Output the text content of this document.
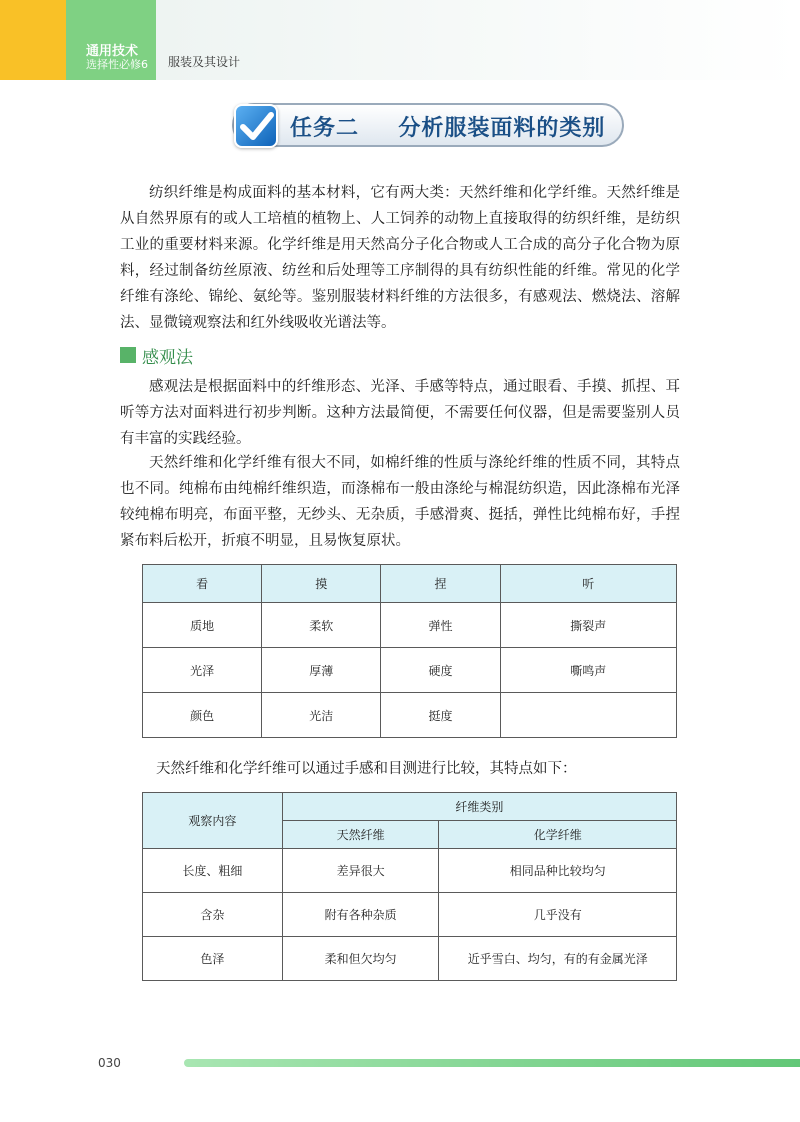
通用技术
选择性必修6 服装及其设计
任务二 分析服装面料的类别

纺织纤维是构成面料的基本材料，它有两大类：天然纤维和化学纤维。天然纤维是从自然界原有的或人工培植的植物上、人工饲养的动物上直接取得的纺织纤维，是纺织工业的重要材料来源。化学纤维是用天然高分子化合物或人工合成的高分子化合物为原料，经过制备纺丝原液、纺丝和后处理等工序制得的具有纺织性能的纤维。常见的化学纤维有涤纶、锦纶、氨纶等。鉴别服装材料纤维的方法很多，有感观法、燃烧法、溶解法、显微镜观察法和红外线吸收光谱法等。

感观法

感观法是根据面料中的纤维形态、光泽、手感等特点，通过眼看、手摸、抓捏、耳听等方法对面料进行初步判断。这种方法最简便，不需要任何仪器，但是需要鉴别人员有丰富的实践经验。

天然纤维和化学纤维有很大不同，如棉纤维的性质与涤纶纤维的性质不同，其特点也不同。纯棉布由纯棉纤维织造，而涤棉布一般由涤纶与棉混纺织造，因此涤棉布光泽较纯棉布明亮，布面平整，无纱头、无杂质，手感滑爽、挺括，弹性比纯棉布好，手捏紧布料后松开，折痕不明显，且易恢复原状。

看	摸	捏	听
质地	柔软	弹性	撕裂声
光泽	厚薄	硬度	嘶鸣声
颜色	光洁	挺度	

天然纤维和化学纤维可以通过手感和目测进行比较，其特点如下：

观察内容	纤维类别	
	天然纤维	化学纤维
长度、粗细	差异很大	相同品种比较均匀
含杂	附有各种杂质	几乎没有
色泽	柔和但欠均匀	近乎雪白、均匀，有的有金属光泽
030
